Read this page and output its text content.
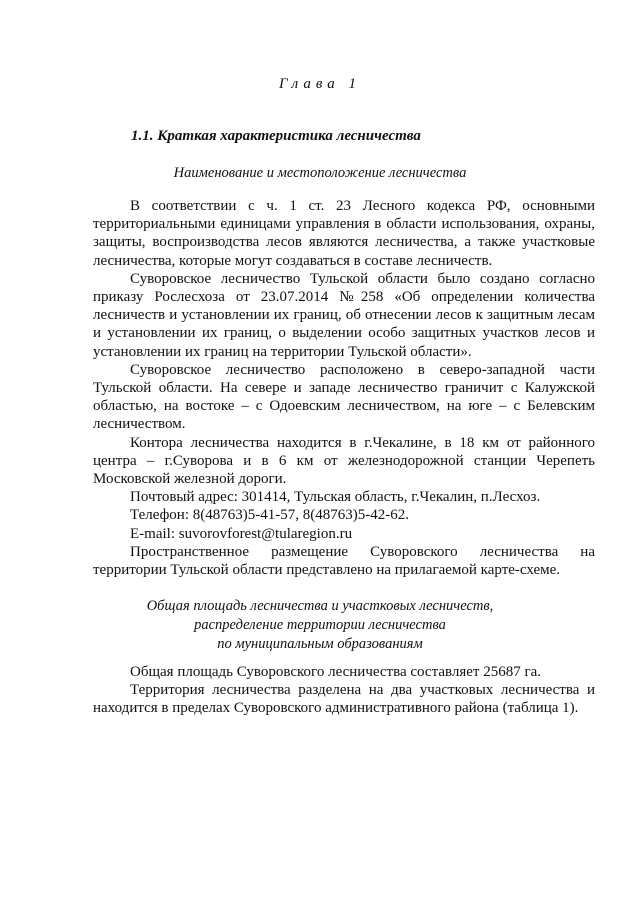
Глава 1
1.1. Краткая характеристика лесничества
Наименование и местоположение лесничества

В соответствии с ч. 1 ст. 23 Лесного кодекса РФ, основными территориальными единицами управления в области использования, охраны, защиты, воспроизводства лесов являются лесничества, а также участковые лесничества, которые могут создаваться в составе лесничеств.

Суворовское лесничество Тульской области было создано согласно приказу Рослесхоза от 23.07.2014 №258 «Об определении количества лесничеств и установлении их границ, об отнесении лесов к защитным лесам и установлении их границ, о выделении особо защитных участков лесов и установлении их границ на территории Тульской области».

Суворовское лесничество расположено в северо-западной части Тульской области. На севере и западе лесничество граничит с Калужской областью, на востоке – с Одоевским лесничеством, на юге – с Белевским лесничеством.

Контора лесничества находится в г.Чекалине, в 18 км от районного центра – г.Суворова и в 6 км от железнодорожной станции Черепеть Московской железной дороги.

Почтовый адрес: 301414, Тульская область, г.Чекалин, п.Лесхоз.

Телефон: 8(48763)5-41-57, 8(48763)5-42-62.

E-mail: suvorovforest@tularegion.ru

Пространственное размещение Суворовского лесничества на территории Тульской области представлено на прилагаемой карте-схеме.

Общая площадь лесничества и участковых лесничеств,
распределение территории лесничества
по муниципальным образованиям

Общая площадь Суворовского лесничества составляет 25687 га.

Территория лесничества разделена на два участковых лесничества и находится в пределах Суворовского административного района (таблица 1).
